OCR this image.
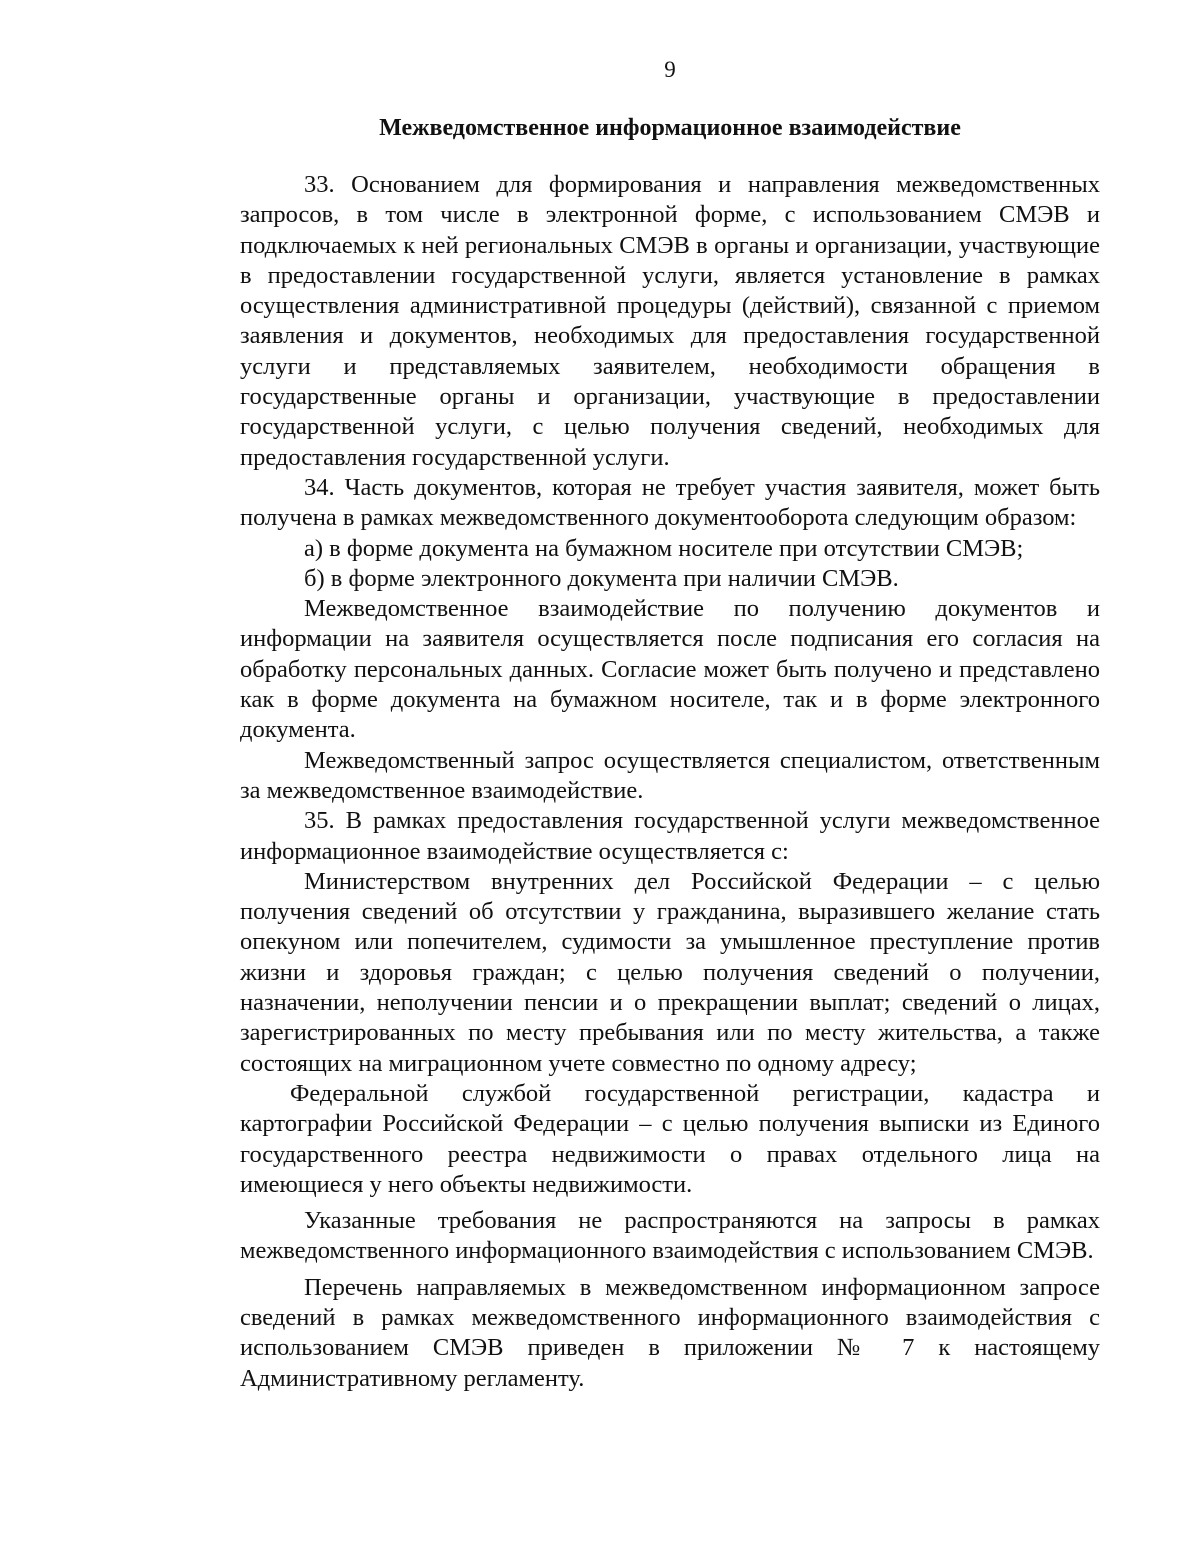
9
Межведомственное информационное взаимодействие

33. Основанием для формирования и направления межведомственных запросов, в том числе в электронной форме, с использованием СМЭВ и подключаемых к ней региональных СМЭВ в органы и организации, участвующие в предоставлении государственной услуги, является установление в рамках осуществления административной процедуры (действий), связанной с приемом заявления и документов, необходимых для предоставления государственной услуги и представляемых заявителем, необходимости обращения в государственные органы и организации, участвующие в предоставлении государственной услуги, с целью получения сведений, необходимых для предоставления государственной услуги.

34. Часть документов, которая не требует участия заявителя, может быть получена в рамках межведомственного документооборота следующим образом:

а) в форме документа на бумажном носителе при отсутствии СМЭВ;

б) в форме электронного документа при наличии СМЭВ.

Межведомственное взаимодействие по получению документов и информации на заявителя осуществляется после подписания его согласия на обработку персональных данных. Согласие может быть получено и представлено как в форме документа на бумажном носителе, так и в форме электронного документа.

Межведомственный запрос осуществляется специалистом, ответственным за межведомственное взаимодействие.

35. В рамках предоставления государственной услуги межведомственное информационное взаимодействие осуществляется с:

Министерством внутренних дел Российской Федерации – с целью получения сведений об отсутствии у гражданина, выразившего желание стать опекуном или попечителем, судимости за умышленное преступление против жизни и здоровья граждан; с целью получения сведений о получении, назначении, неполучении пенсии и о прекращении выплат; сведений о лицах, зарегистрированных по месту пребывания или по месту жительства, а также состоящих на миграционном учете совместно по одному адресу;

Федеральной службой государственной регистрации, кадастра и картографии Российской Федерации – с целью получения выписки из Единого государственного реестра недвижимости о правах отдельного лица на имеющиеся у него объекты недвижимости.

Указанные требования не распространяются на запросы в рамках межведомственного информационного взаимодействия с использованием СМЭВ.

Перечень направляемых в межведомственном информационном запросе сведений в рамках межведомственного информационного взаимодействия с использованием СМЭВ приведен в приложении № 7 к настоящему Административному регламенту.
